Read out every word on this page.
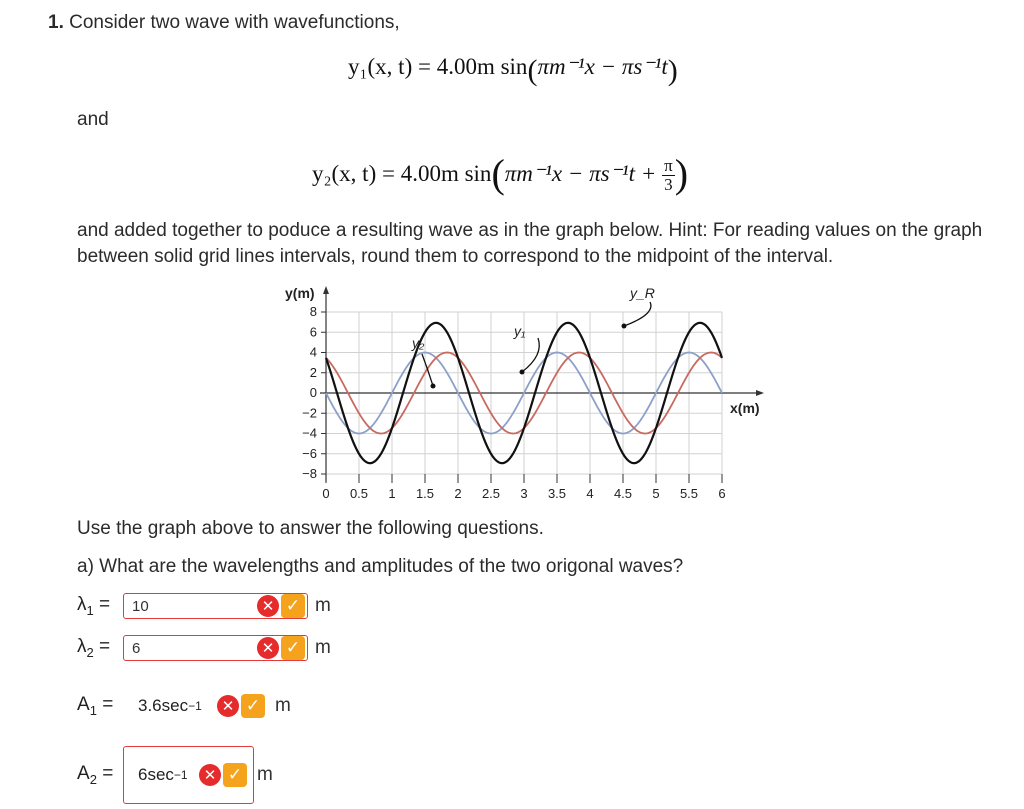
1. Consider two wave with wavefunctions,
y₁(x, t) = 4.00m sin(πm⁻¹x − πs⁻¹t)
and
y₂(x, t) = 4.00m $\sin(\pi m^{-1}x - \pi s^{-1}t + \frac{\pi}{3}$ )
and added together to poduce a resulting wave as in the graph below. Hint: For reading values on the graph between solid grid lines intervals, round them to correspond to the midpoint of the interval.
y(m)
x(m)
8
6
4
2
0
−2
−4
−6
−8
0 0.5 1 1.5 2 2.5 3 3.5 4 4.5 5 5.5 6
y₂
y₁
y_R
Use the graph above to answer the following questions.
a) What are the wavelengths and amplitudes of the two origonal waves?
$\lambda_1$ =	10	✕ ✓ m
$\lambda_2$ =	6	✕ ✓ m
$A_1$ =	3.6sec −1	✕ ✓ m
$A_2$ =	6sec −1	✕ ✓ m
